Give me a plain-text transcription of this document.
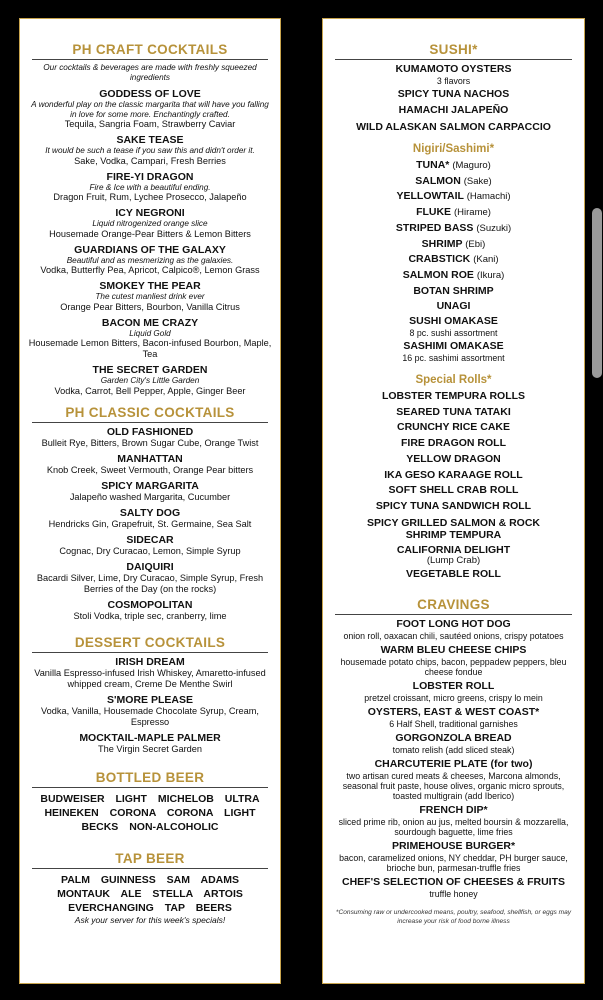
PH CRAFT COCKTAILS
Our cocktails & beverages are made with freshly squeezed ingredients
GODDESS OF LOVE
A wonderful play on the classic margarita that will have you falling in love for some more. Enchantingly crafted.
Tequila, Sangria Foam, Strawberry Caviar
SAKE TEASE
It would be such a tease if you saw this and didn't order it.
Sake, Vodka, Campari, Fresh Berries
FIRE-YI DRAGON
Fire & Ice with a beautiful ending.
Dragon Fruit, Rum, Lychee Prosecco, Jalapeño
ICY NEGRONI
Liquid nitrogenized orange slice
Housemade Orange-Pear Bitters & Lemon Bitters
GUARDIANS OF THE GALAXY
Beautiful and as mesmerizing as the galaxies.
Vodka, Butterfly Pea, Apricot, Calpico®, Lemon Grass
SMOKEY THE PEAR
The cutest manliest drink ever
Orange Pear Bitters, Bourbon, Vanilla Citrus
BACON ME CRAZY
Liquid Gold
Housemade Lemon Bitters, Bacon-infused Bourbon, Maple, Tea
THE SECRET GARDEN
Garden City's Little Garden
Vodka, Carrot, Bell Pepper, Apple, Ginger Beer
PH CLASSIC COCKTAILS
OLD FASHIONED
Bulleit Rye, Bitters, Brown Sugar Cube, Orange Twist
MANHATTAN
Knob Creek, Sweet Vermouth, Orange Pear bitters
SPICY MARGARITA
Jalapeño washed Margarita, Cucumber
SALTY DOG
Hendricks Gin, Grapefruit, St. Germaine, Sea Salt
SIDECAR
Cognac, Dry Curacao, Lemon, Simple Syrup
DAIQUIRI
Bacardi Silver, Lime, Dry Curacao, Simple Syrup, Fresh Berries of the Day (on the rocks)
COSMOPOLITAN
Stoli Vodka, triple sec, cranberry, lime
DESSERT COCKTAILS
IRISH DREAM
Vanilla Espresso-infused Irish Whiskey, Amaretto-infused whipped cream, Creme De Menthe Swirl
S'MORE PLEASE
Vodka, Vanilla, Housemade Chocolate Syrup, Cream, Espresso
MOCKTAIL-MAPLE PALMER
The Virgin Secret Garden
BOTTLED BEER
BUDWEISER LIGHT MICHELOB ULTRA
HEINEKEN CORONA CORONA LIGHT
BECKS NON-ALCOHOLIC
TAP BEER
PALM GUINNESS SAM ADAMS
MONTAUK ALE STELLA ARTOIS
EVERCHANGING TAP BEERS
Ask your server for this week's specials!
SUSHI*
KUMAMOTO OYSTERS
3 flavors
SPICY TUNA NACHOS
HAMACHI JALAPEÑO
WILD ALASKAN SALMON CARPACCIO
Nigiri/Sashimi*
TUNA* (Maguro)
SALMON (Sake)
YELLOWTAIL (Hamachi)
FLUKE (Hirame)
STRIPED BASS (Suzuki)
SHRIMP (Ebi)
CRABSTICK (Kani)
SALMON ROE (Ikura)
BOTAN SHRIMP
UNAGI
SUSHI OMAKASE
8 pc. sushi assortment
SASHIMI OMAKASE
16 pc. sashimi assortment
Special Rolls*
LOBSTER TEMPURA ROLLS
SEARED TUNA TATAKI
CRUNCHY RICE CAKE
FIRE DRAGON ROLL
YELLOW DRAGON
IKA GESO KARAAGE ROLL
SOFT SHELL CRAB ROLL
SPICY TUNA SANDWICH ROLL
SPICY GRILLED SALMON & ROCK SHRIMP TEMPURA
CALIFORNIA DELIGHT
(Lump Crab)
VEGETABLE ROLL
CRAVINGS
FOOT LONG HOT DOG
onion roll, oaxacan chili, sautéed onions, crispy potatoes
WARM BLEU CHEESE CHIPS
housemade potato chips, bacon, peppadew peppers, bleu cheese fondue
LOBSTER ROLL
pretzel croissant, micro greens, crispy lo mein
OYSTERS, EAST & WEST COAST*
6 Half Shell, traditional garnishes
GORGONZOLA BREAD
tomato relish (add sliced steak)
CHARCUTERIE PLATE (for two)
two artisan cured meats & cheeses, Marcona almonds, seasonal fruit paste, house olives, organic micro sprouts, toasted multigrain (add Iberico)
FRENCH DIP*
sliced prime rib, onion au jus, melted boursin & mozzarella, sourdough baguette, lime fries
PRIMEHOUSE BURGER*
bacon, caramelized onions, NY cheddar, PH burger sauce, brioche bun, parmesan-truffle fries
CHEF'S SELECTION OF CHEESES & FRUITS
truffle honey
*Consuming raw or undercooked means, poultry, seafood, shellfish, or eggs may increase your risk of food borne illness
